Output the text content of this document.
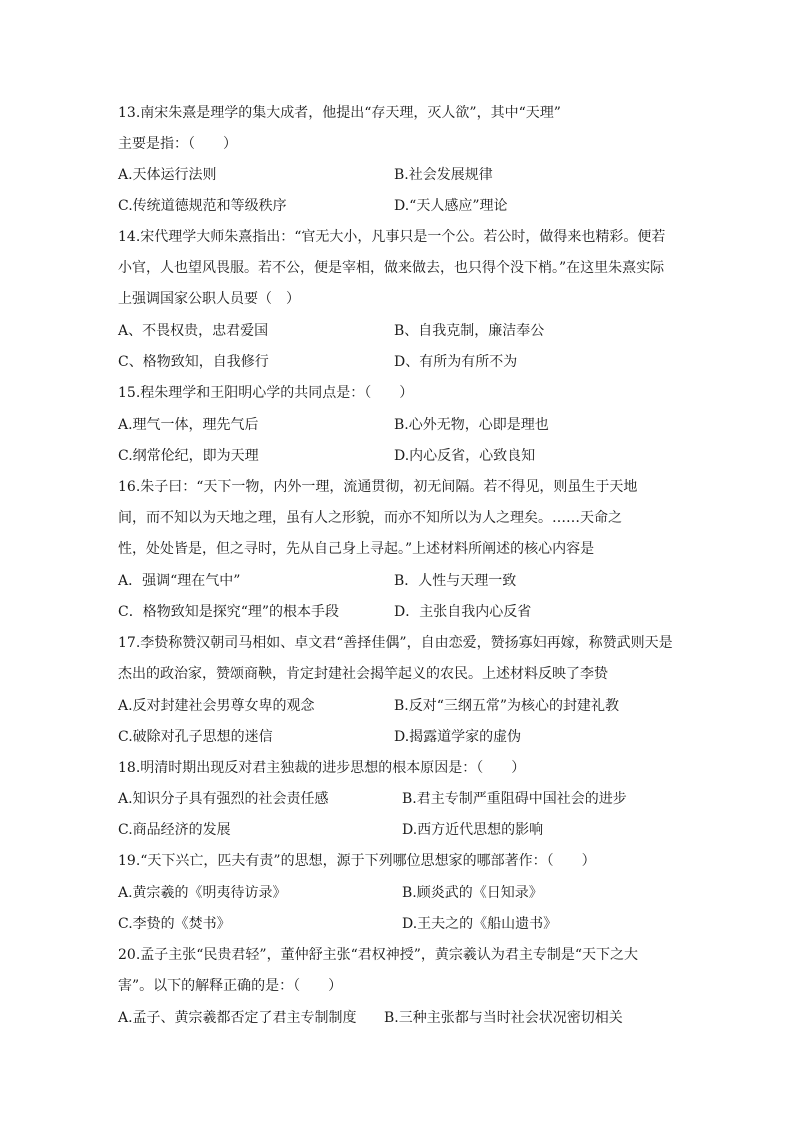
13.南宋朱熹是理学的集大成者，他提出“存天理，灭人欲”，其中“天理”
主要是指：（　　）
A.天体运行法则	B.社会发展规律
C.传统道德规范和等级秩序	D.“天人感应”理论
14.宋代理学大师朱熹指出：“官无大小，凡事只是一个公。若公时，做得来也精彩。便若
小官，人也望风畏服。若不公，便是宰相，做来做去，也只得个没下梢。”在这里朱熹实际
上强调国家公职人员要（　）
A、不畏权贵，忠君爱国	B、自我克制，廉洁奉公
C、格物致知，自我修行	D、有所为有所不为
15.程朱理学和王阳明心学的共同点是：（　　）
A.理气一体，理先气后	B.心外无物，心即是理也
C.纲常伦纪，即为天理	D.内心反省，心致良知
16.朱子曰：“天下一物，内外一理，流通贯彻，初无间隔。若不得见，则虽生于天地
间，而不知以为天地之理，虽有人之形貌，而亦不知所以为人之理矣。……天命之
性，处处皆是，但之寻时，先从自己身上寻起。”上述材料所阐述的核心内容是
A．强调“理在气中”	B．人性与天理一致
C．格物致知是探究“理”的根本手段	D．主张自我内心反省
17.李贽称赞汉朝司马相如、卓文君“善择佳偶”，自由恋爱，赞扬寡妇再嫁，称赞武则天是
杰出的政治家，赞颂商鞅，肯定封建社会揭竿起义的农民。上述材料反映了李贽
A.反对封建社会男尊女卑的观念	B.反对“三纲五常”为核心的封建礼教
C.破除对孔子思想的迷信	D.揭露道学家的虚伪
18.明清时期出现反对君主独裁的进步思想的根本原因是：（　　）
A.知识分子具有强烈的社会责任感	B.君主专制严重阻碍中国社会的进步
C.商品经济的发展	D.西方近代思想的影响
19.“天下兴亡，匹夫有责”的思想，源于下列哪位思想家的哪部著作：（　　）
A.黄宗羲的《明夷待访录》	B.顾炎武的《日知录》
C.李贽的《焚书》	D.王夫之的《船山遗书》
20.孟子主张“民贵君轻”，董仲舒主张“君权神授”，黄宗羲认为君主专制是“天下之大
害”。以下的解释正确的是：（　　）
A.孟子、黄宗羲都否定了君主专制制度 B.三种主张都与当时社会状况密切相关
